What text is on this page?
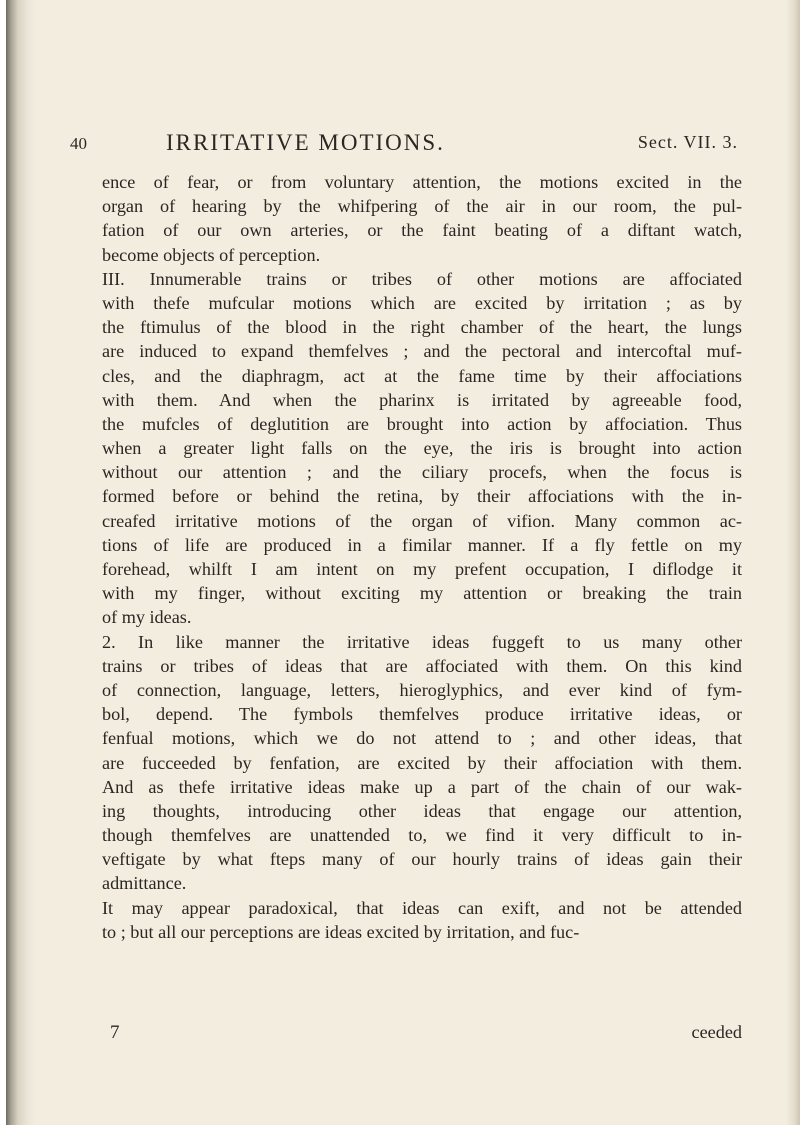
40	IRRITATIVE MOTIONS.	Sect. VII. 3.
ence of fear, or from voluntary attention, the motions excited in the
organ of hearing by the whifpering of the air in our room, the pul-
fation of our own arteries, or the faint beating of a diftant watch,
become objects of perception.
III. Innumerable trains or tribes of other motions are affociated
with thefe mufcular motions which are excited by irritation ; as by
the ftimulus of the blood in the right chamber of the heart, the lungs
are induced to expand themfelves ; and the pectoral and intercoftal muf-
cles, and the diaphragm, act at the fame time by their affociations
with them. And when the pharinx is irritated by agreeable food,
the mufcles of deglutition are brought into action by affociation. Thus
when a greater light falls on the eye, the iris is brought into action
without our attention ; and the ciliary procefs, when the focus is
formed before or behind the retina, by their affociations with the in-
creafed irritative motions of the organ of vifion. Many common ac-
tions of life are produced in a fimilar manner. If a fly fettle on my
forehead, whilft I am intent on my prefent occupation, I diflodge it
with my finger, without exciting my attention or breaking the train
of my ideas.
2. In like manner the irritative ideas fuggeft to us many other
trains or tribes of ideas that are affociated with them. On this kind
of connection, language, letters, hieroglyphics, and ever kind of fym-
bol, depend. The fymbols themfelves produce irritative ideas, or
fenfual motions, which we do not attend to ; and other ideas, that
are fucceeded by fenfation, are excited by their affociation with them.
And as thefe irritative ideas make up a part of the chain of our wak-
ing thoughts, introducing other ideas that engage our attention,
though themfelves are unattended to, we find it very difficult to in-
veftigate by what fteps many of our hourly trains of ideas gain their
admittance.
It may appear paradoxical, that ideas can exift, and not be attended
to ; but all our perceptions are ideas excited by irritation, and fuc-
7	ceeded
